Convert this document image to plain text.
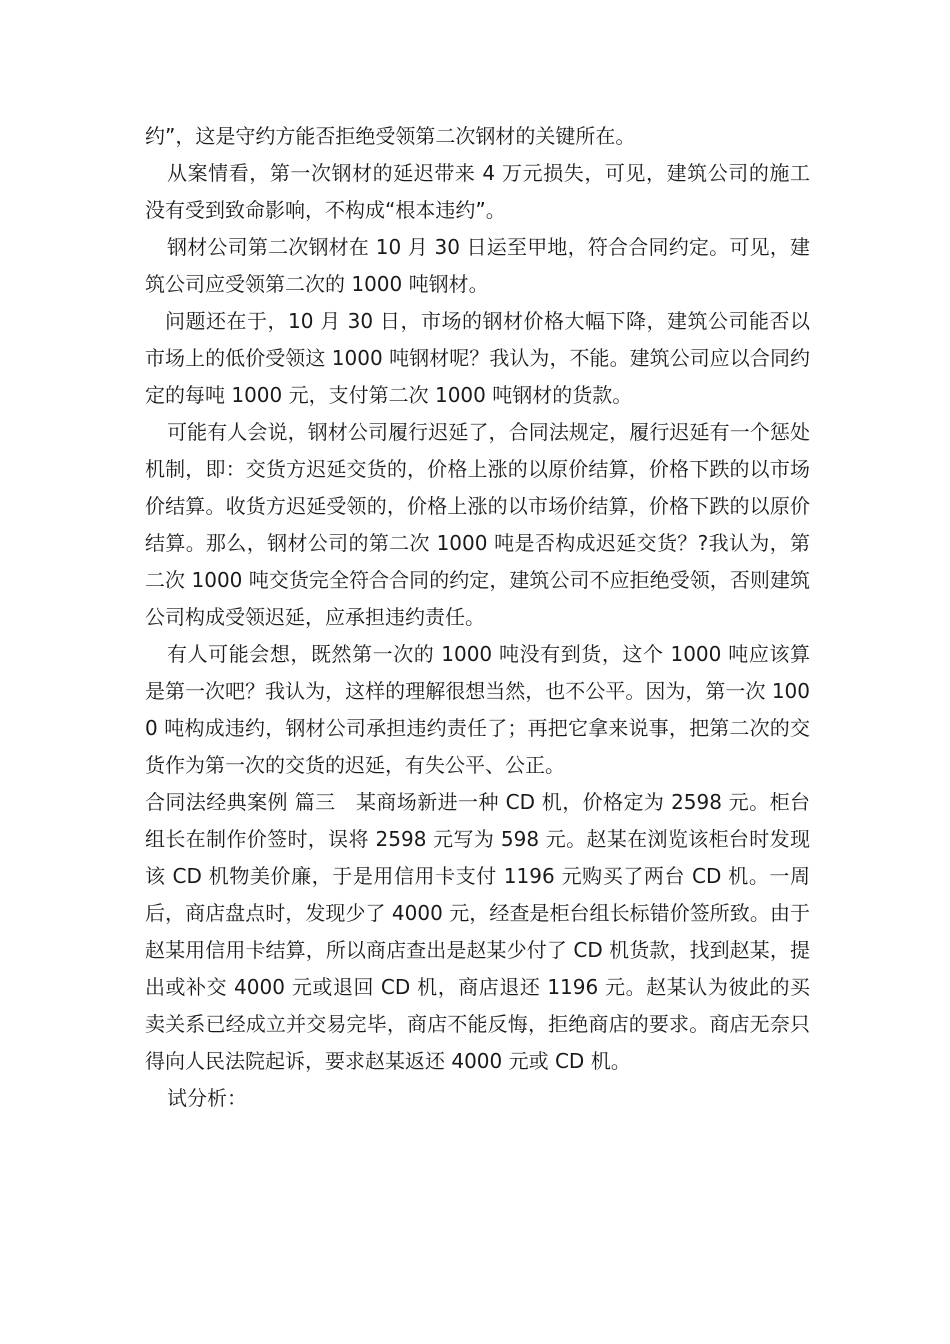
约”，这是守约方能否拒绝受领第二次钢材的关键所在。

从案情看，第一次钢材的延迟带来 4 万元损失，可见，建筑公司的施工没有受到致命影响，不构成“根本违约”。

钢材公司第二次钢材在 10 月 30 日运至甲地，符合合同约定。可见，建筑公司应受领第二次的 1000 吨钢材。

问题还在于，10 月 30 日，市场的钢材价格大幅下降，建筑公司能否以市场上的低价受领这 1000 吨钢材呢？我认为，不能。建筑公司应以合同约定的每吨 1000 元，支付第二次 1000 吨钢材的货款。

可能有人会说，钢材公司履行迟延了，合同法规定，履行迟延有一个惩处机制，即：交货方迟延交货的，价格上涨的以原价结算，价格下跌的以市场价结算。收货方迟延受领的，价格上涨的以市场价结算，价格下跌的以原价结算。那么，钢材公司的第二次 1000 吨是否构成迟延交货？?我认为，第二次 1000 吨交货完全符合合同的约定，建筑公司不应拒绝受领，否则建筑公司构成受领迟延，应承担违约责任。

有人可能会想，既然第一次的 1000 吨没有到货，这个 1000 吨应该算是第一次吧？我认为，这样的理解很想当然，也不公平。因为，第一次 1000 吨构成违约，钢材公司承担违约责任了；再把它拿来说事，把第二次的交货作为第一次的交货的迟延，有失公平、公正。

合同法经典案例 篇三　某商场新进一种 CD 机，价格定为 2598 元。柜台组长在制作价签时，误将 2598 元写为 598 元。赵某在浏览该柜台时发现该 CD 机物美价廉，于是用信用卡支付 1196 元购买了两台 CD 机。一周后，商店盘点时，发现少了 4000 元，经查是柜台组长标错价签所致。由于赵某用信用卡结算，所以商店查出是赵某少付了 CD 机货款，找到赵某，提出或补交 4000 元或退回 CD 机，商店退还 1196 元。赵某认为彼此的买卖关系已经成立并交易完毕，商店不能反悔，拒绝商店的要求。商店无奈只得向人民法院起诉，要求赵某返还 4000 元或 CD 机。

试分析：
